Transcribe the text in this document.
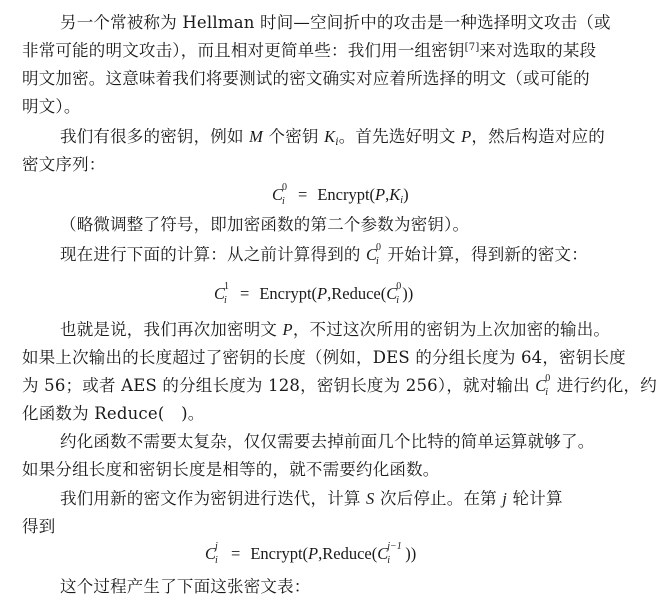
另一个常被称为 Hellman 时间—空间折中的攻击是一种选择明文攻击（或
非常可能的明文攻击），而且相对更简单些：我们用一组密钥[7]来对选取的某段
明文加密。这意味着我们将要测试的密文确实对应着所选择的明文（或可能的
明文）。
我们有很多的密钥，例如 M 个密钥 $K_i$。首先选好明文 P，然后构造对应的
密文序列：
C
0
$i = Encrypt(P,K_i)$
（略微调整了符号，即加密函数的第二个参数为密钥）。
现在进行下面的计算：从之前计算得到的 C
0
i 开始计算，得到新的密文：
C
1
i = Encrypt(P,Reduce(C
0
i ))
也就是说，我们再次加密明文 P，不过这次所用的密钥为上次加密的输出。
如果上次输出的长度超过了密钥的长度（例如，DES 的分组长度为 64，密钥长度
为 56；或者 AES 的分组长度为 128，密钥长度为 256），就对输出 C
0
i 进行约化，约
化函数为 Reduce(　)。
约化函数不需要太复杂，仅仅需要去掉前面几个比特的简单运算就够了。
如果分组长度和密钥长度是相等的，就不需要约化函数。
我们用新的密文作为密钥进行迭代，计算 S 次后停止。在第 j 轮计算
得到
C
j
i = Encrypt(P,Reduce(C
j−1
i ))
这个过程产生了下面这张密文表：
